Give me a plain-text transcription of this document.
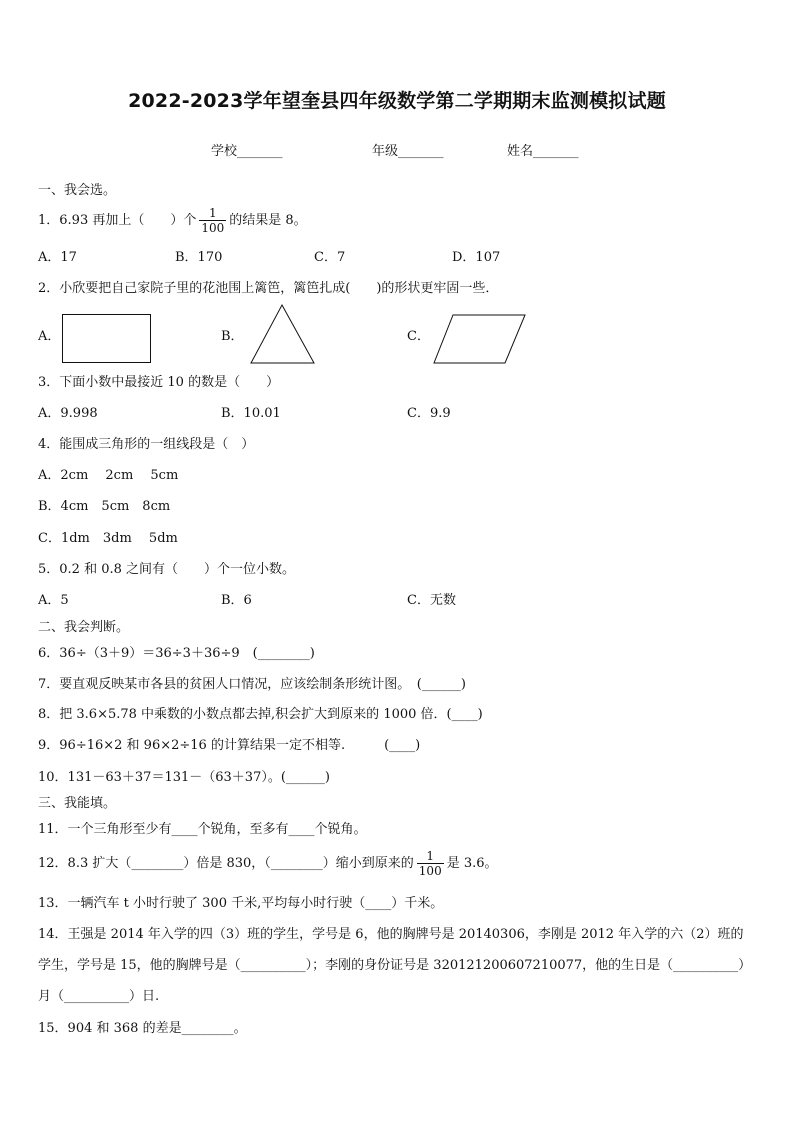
2022-2023学年望奎县四年级数学第二学期期末监测模拟试题
学校_______	年级_______	姓名_______
一、我会选。
1．6.93 再加上（　　）个 $\frac{1}{100}$ 的结果是 8。
A．17	B．170	C．7	D．107
2．小欣要把自己家院子里的花池围上篱笆，篱笆扎成(　　)的形状更牢固一些．
A．	B．	C．
3．下面小数中最接近 10 的数是（　　）
A．9.998	B．10.01	C．9.9
4．能围成三角形的一组线段是（　）
A．2cm　 2cm　 5cm
B．4cm　5cm　8cm
C．1dm　3dm　 5dm
5．0.2 和 0.8 之间有（　　）个一位小数。
A．5	B．6	C．无数
二、我会判断。
6．36÷（3＋9）＝36÷3＋36÷9　(________)
7．要直观反映某市各县的贫困人口情况，应该绘制条形统计图。　(______)
8．把 3.6×5.78 中乘数的小数点都去掉,积会扩大到原来的 1000 倍．(____)
9．96÷16×2 和 96×2÷16 的计算结果一定不相等.　　　(____)
10．131－63＋37＝131－（63＋37）。(______)
三、我能填。
11．一个三角形至少有____个锐角，至多有____个锐角。
12．8.3 扩大（________）倍是 830，（________）缩小到原来的 $\frac{1}{100}$ 是 3.6。
13．一辆汽车 t 小时行驶了 300 千米,平均每小时行驶（____）千米。
14．王强是 2014 年入学的四（3）班的学生，学号是 6，他的胸牌号是 20140306，李刚是 2012 年入学的六（2）班的
学生，学号是 15，他的胸牌号是（__________）；李刚的身份证号是 320121200607210077，他的生日是（__________）
月（__________）日.
15．904 和 368 的差是________。
